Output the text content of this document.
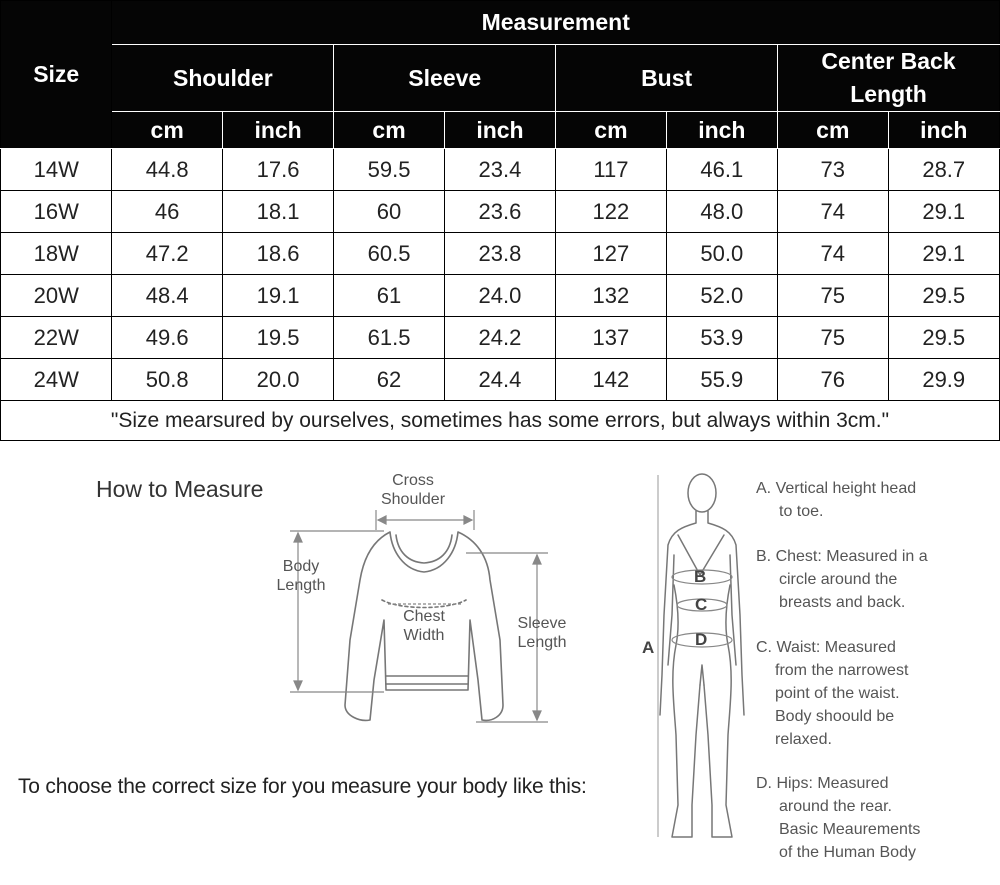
Size	Measurement							
	Shoulder		Sleeve		Bust		Center Back
Length	
	cm	inch	cm	inch	cm	inch	cm	inch
14W	44.8	17.6	59.5	23.4	117	46.1	73	28.7
16W	46	18.1	60	23.6	122	48.0	74	29.1
18W	47.2	18.6	60.5	23.8	127	50.0	74	29.1
20W	48.4	19.1	61	24.0	132	52.0	75	29.5
22W	49.6	19.5	61.5	24.2	137	53.9	75	29.5
24W	50.8	20.0	62	24.4	142	55.9	76	29.9
"Size mearsured by ourselves, sometimes has some errors, but always within 3cm."								
How to Measure
To choose the correct size for you measure your body like this:
Cross
Shoulder
Body
Length
Chest
Width
Sleeve
Length
B
C
D
A
A. Vertical height head
to toe.
B. Chest: Measured in a
circle around the
breasts and back.
C. Waist: Measured
from the narrowest
point of the waist.
Body shoould be
relaxed.
D. Hips: Measured
around the rear.
Basic Meaurements
of the Human Body
